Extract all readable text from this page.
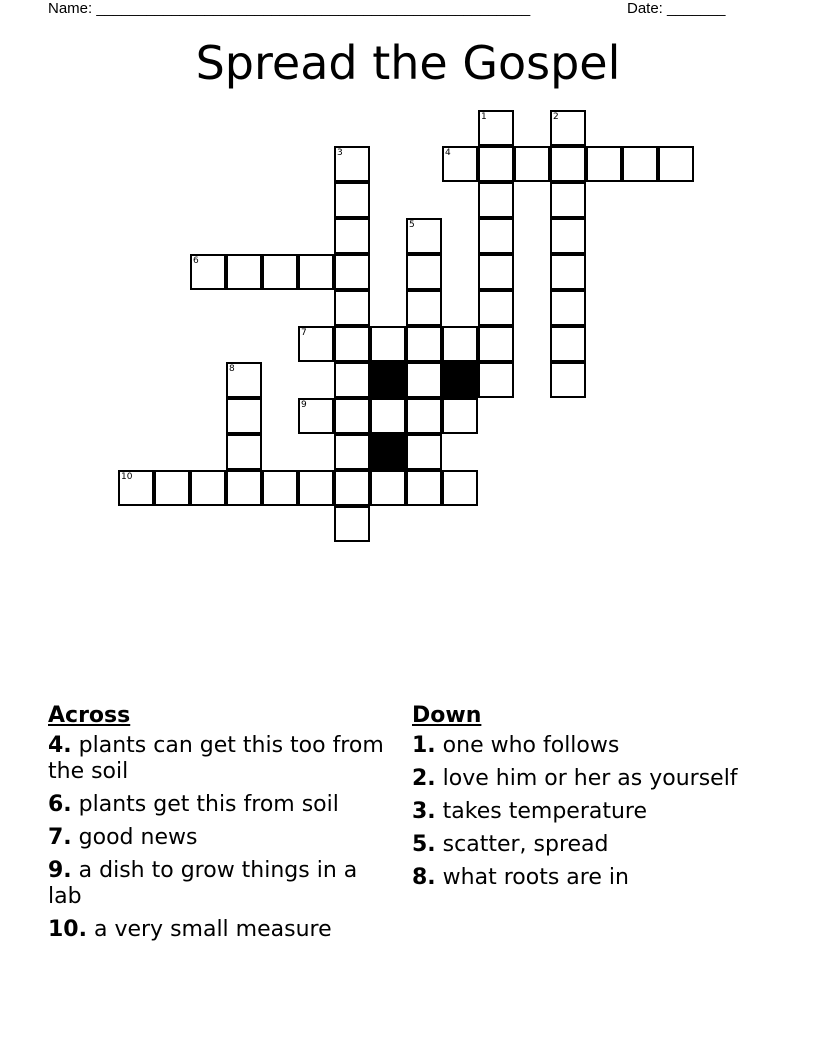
Name: ____________________________________________________	Date: _______
Spread the Gospel
1	2
3	4
5
6
7
8
9
10
Across
4. plants can get this too from the soil
6. plants get this from soil
7. good news
9. a dish to grow things in a lab
10. a very small measure
Down
1. one who follows
2. love him or her as yourself
3. takes temperature
5. scatter, spread
8. what roots are in
